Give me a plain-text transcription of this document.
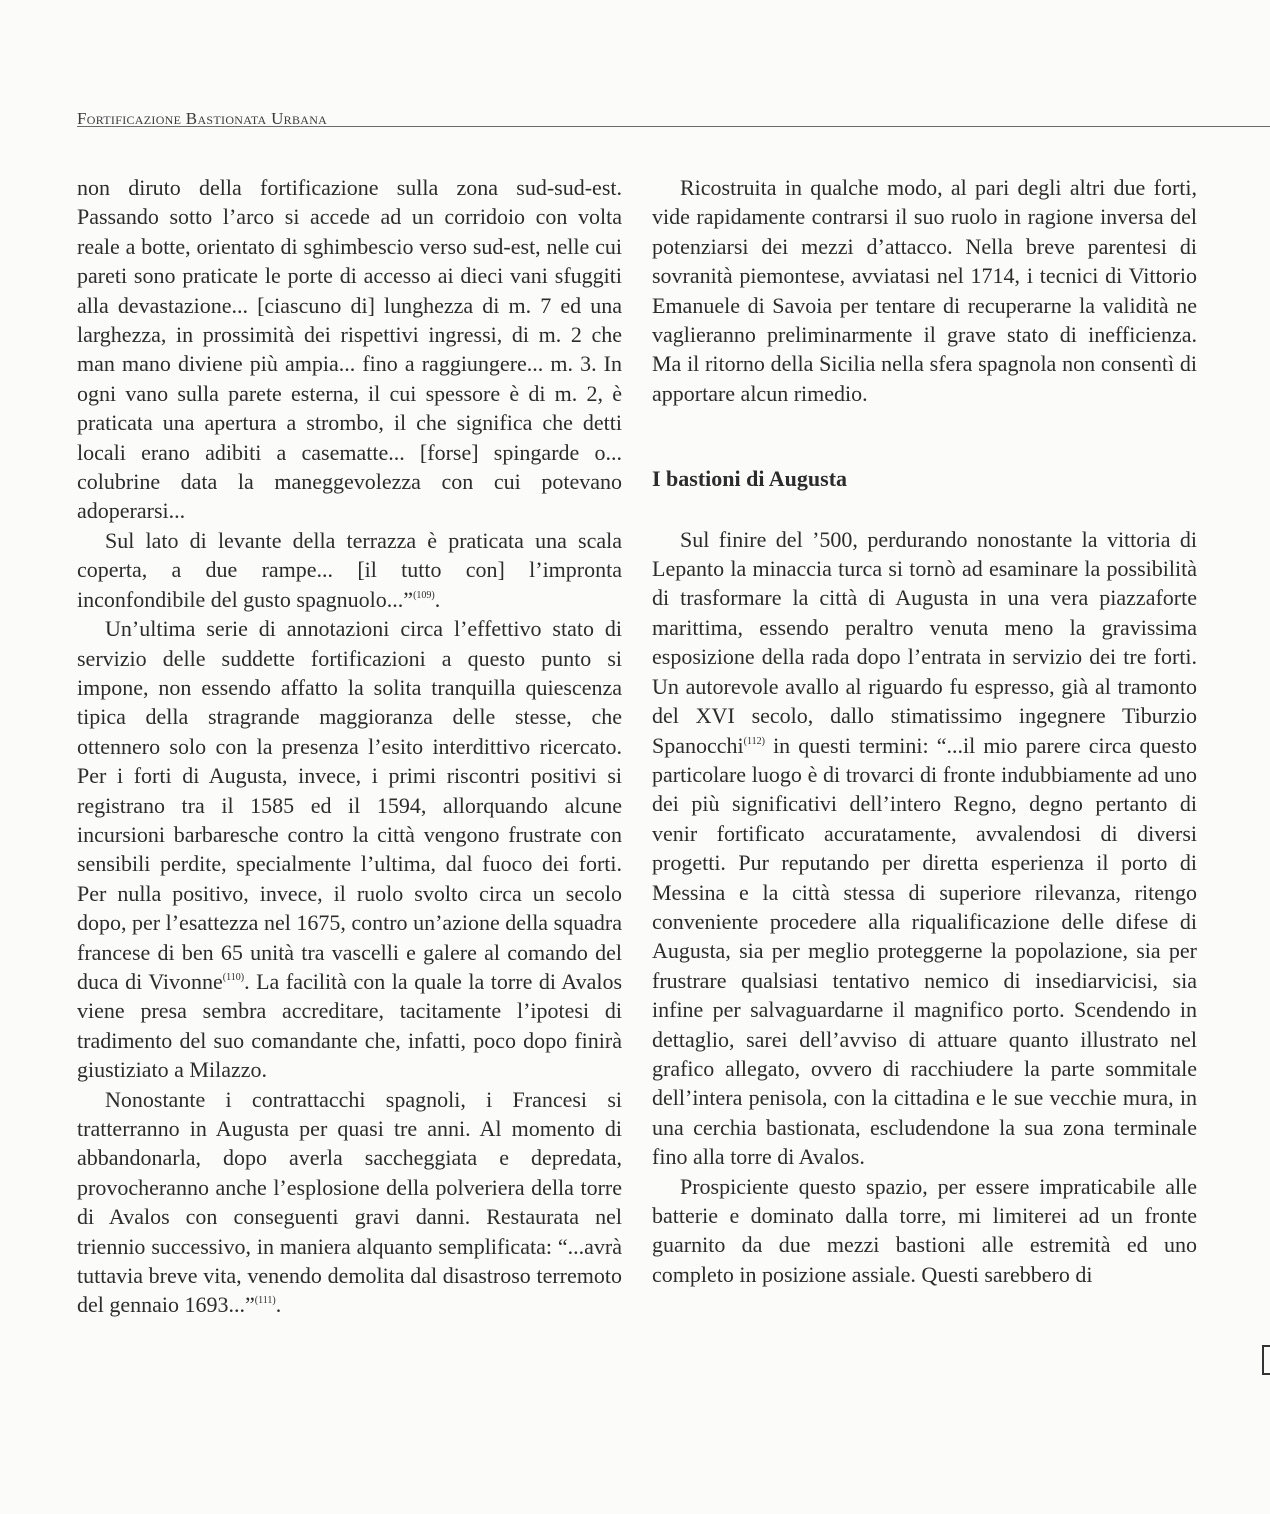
Fortificazione Bastionata Urbana

non diruto della fortificazione sulla zona sud-sud-est. Passando sotto l’arco si accede ad un corridoio con volta reale a botte, orientato di sghimbescio verso sud-est, nelle cui pareti sono praticate le porte di accesso ai dieci vani sfuggiti alla devastazione... [ciascuno di] lunghezza di m. 7 ed una larghezza, in prossimità dei rispettivi ingressi, di m. 2 che man mano diviene più ampia... fino a raggiungere... m. 3. In ogni vano sulla parete esterna, il cui spessore è di m. 2, è praticata una apertura a strombo, il che significa che detti locali erano adibiti a casematte... [forse] spingarde o... colubrine data la maneggevolezza con cui potevano adoperarsi...

Sul lato di levante della terrazza è praticata una scala coperta, a due rampe... [il tutto con] l’impronta inconfondibile del gusto spagnuolo...”$^{(109)}$.

Un’ultima serie di annotazioni circa l’effettivo stato di servizio delle suddette fortificazioni a questo punto si impone, non essendo affatto la solita tranquilla quiescenza tipica della stragrande maggioranza delle stesse, che ottennero solo con la presenza l’esito interdittivo ricercato. Per i forti di Augusta, invece, i primi riscontri positivi si registrano tra il 1585 ed il 1594, allorquando alcune incursioni barbaresche contro la città vengono frustrate con sensibili perdite, specialmente l’ultima, dal fuoco dei forti. Per nulla positivo, invece, il ruolo svolto circa un secolo dopo, per l’esattezza nel 1675, contro un’azione della squadra francese di ben 65 unità tra vascelli e galere al comando del duca di Vivonne$^{(110)}$. La facilità con la quale la torre di Avalos viene presa sembra accreditare, tacitamente l’ipotesi di tradimento del suo comandante che, infatti, poco dopo finirà giustiziato a Milazzo.

Nonostante i contrattacchi spagnoli, i Francesi si tratterranno in Augusta per quasi tre anni. Al momento di abbandonarla, dopo averla saccheggiata e depredata, provocheranno anche l’esplosione della polveriera della torre di Avalos con conseguenti gravi danni. Restaurata nel triennio successivo, in maniera alquanto semplificata: “...avrà tuttavia breve vita, venendo demolita dal disastroso terremoto del gennaio 1693...”$^{(111)}$.

Ricostruita in qualche modo, al pari degli altri due forti, vide rapidamente contrarsi il suo ruolo in ragione inversa del potenziarsi dei mezzi d’attacco. Nella breve parentesi di sovranità piemontese, avviatasi nel 1714, i tecnici di Vittorio Emanuele di Savoia per tentare di recuperarne la validità ne vaglieranno preliminarmente il grave stato di inefficienza. Ma il ritorno della Sicilia nella sfera spagnola non consentì di apportare alcun rimedio.

I bastioni di Augusta

Sul finire del ’500, perdurando nonostante la vittoria di Lepanto la minaccia turca si tornò ad esaminare la possibilità di trasformare la città di Augusta in una vera piazzaforte marittima, essendo peraltro venuta meno la gravissima esposizione della rada dopo l’entrata in servizio dei tre forti. Un autorevole avallo al riguardo fu espresso, già al tramonto del XVI secolo, dallo stimatissimo ingegnere Tiburzio Spanocchi$^{(112)}$ in questi termini: “...il mio parere circa questo particolare luogo è di trovarci di fronte indubbiamente ad uno dei più significativi dell’intero Regno, degno pertanto di venir fortificato accuratamente, avvalendosi di diversi progetti. Pur reputando per diretta esperienza il porto di Messina e la città stessa di superiore rilevanza, ritengo conveniente procedere alla riqualificazione delle difese di Augusta, sia per meglio proteggerne la popolazione, sia per frustrare qualsiasi tentativo nemico di insediarvicisi, sia infine per salvaguardarne il magnifico porto. Scendendo in dettaglio, sarei dell’avviso di attuare quanto illustrato nel grafico allegato, ovvero di racchiudere la parte sommitale dell’intera penisola, con la cittadina e le sue vecchie mura, in una cerchia bastionata, escludendone la sua zona terminale fino alla torre di Avalos.

Prospiciente questo spazio, per essere impraticabile alle batterie e dominato dalla torre, mi limiterei ad un fronte guarnito da due mezzi bastioni alle estremità ed uno completo in posizione assiale. Questi sarebbero di
